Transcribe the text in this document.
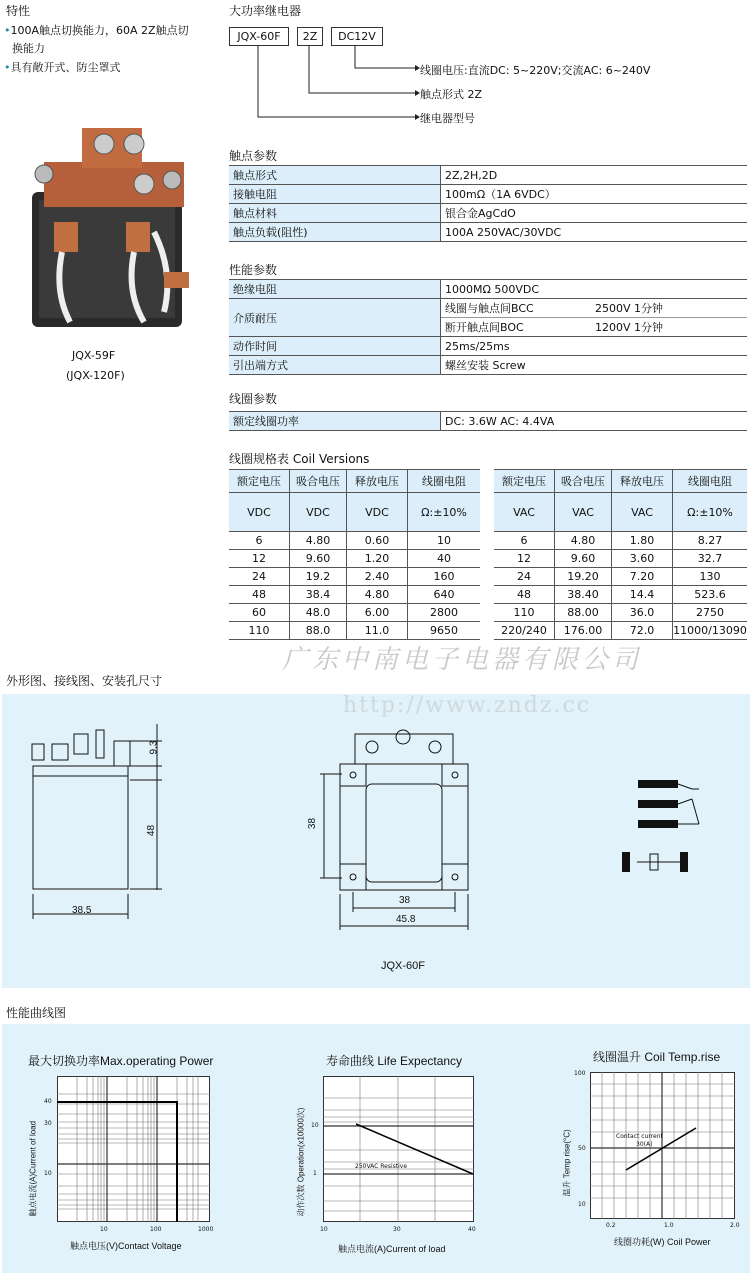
特性
•100A触点切换能力，60A 2Z触点切
换能力
•具有敞开式、防尘罩式
JQX-59F
(JQX-120F)
大功率继电器
JQX-60F	2Z	DC12V
线圈电压:直流DC: 5~220V;交流AC: 6~240V
触点形式 2Z
继电器型号
触点参数
触点形式	2Z,2H,2D
接触电阻	100mΩ（1A 6VDC）
触点材料	银合金AgCdO
触点负载(阻性)	100A 250VAC/30VDC
性能参数
绝缘电阻	1000MΩ 500VDC
介质耐压	线圈与触点间BCC 2500V 1分钟
	断开触点间BOC 1200V 1分钟
动作时间	25ms/25ms
引出端方式	螺丝安装 Screw
线圈参数
额定线圈功率	DC: 3.6W AC: 4.4VA
线圈规格表 Coil Versions
额定电压	吸合电压	释放电压	线圈电阻
VDC	VDC	VDC	Ω:±10%
6	4.80	0.60	10
12	9.60	1.20	40
24	19.2	2.40	160
48	38.4	4.80	640
60	48.0	6.00	2800
110	88.0	11.0	9650
额定电压	吸合电压	释放电压	线圈电阻
VAC	VAC	VAC	Ω:±10%
6	4.80	1.80	8.27
12	9.60	3.60	32.7
24	19.20	7.20	130
48	38.40	14.4	523.6
110	88.00	36.0	2750
220/240	176.00	72.0	11000/13090
广东中南电子电器有限公司
http://www.zndz.cc
外形图、接线图、安装孔尺寸
9.3
48
38.5
38
38
45.8
JQX-60F
性能曲线图
最大切换功率Max.operating Power
40
30
10
10	100	1000
触点电压(V)Contact Voltage
触点电流(A)Current of load
寿命曲线 Life Expectancy
250VAC Resistive
10
1
10	30	40
触点电流(A)Current of load
动作次数 Operation(x10000次)
线圈温升 Coil Temp.rise
Contact current
30(A)
100
50
10
0.2	1.0	2.0
线圈功耗(W) Coil Power
温升 Temp rise(°C)
